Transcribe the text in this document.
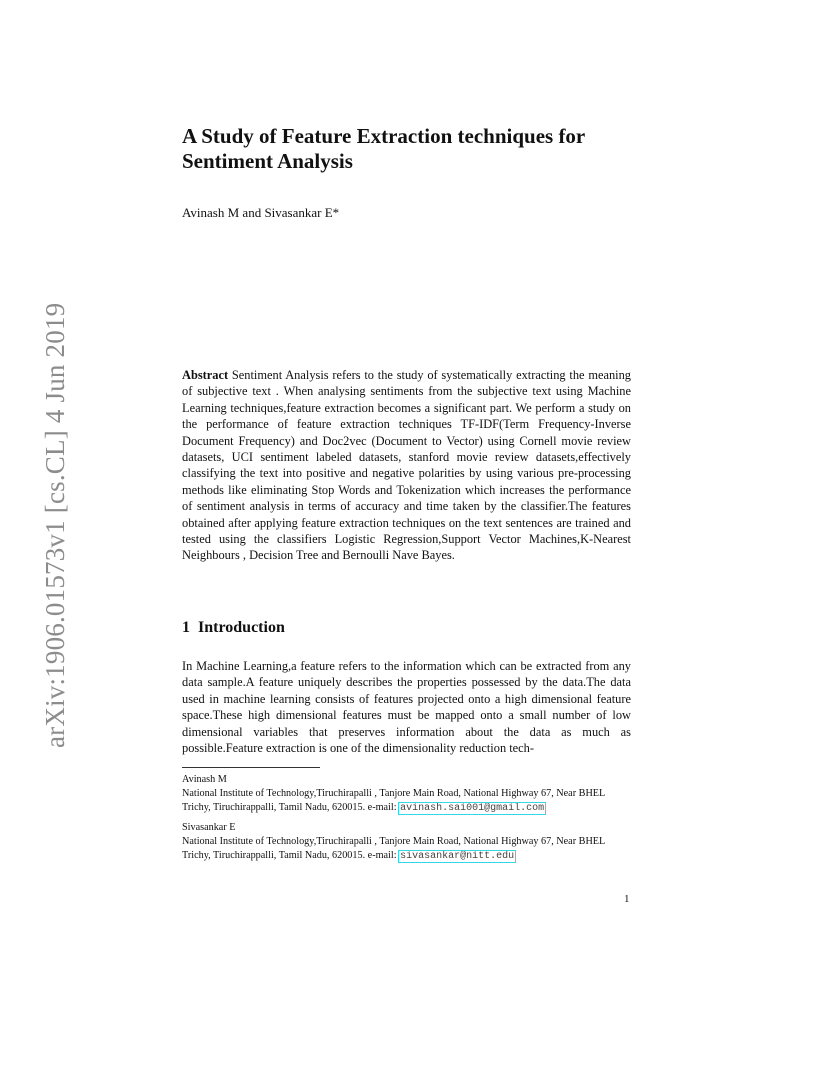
arXiv:1906.01573v1 [cs.CL] 4 Jun 2019
A Study of Feature Extraction techniques for Sentiment Analysis

Avinash M and Sivasankar E*

Abstract Sentiment Analysis refers to the study of systematically extracting the meaning of subjective text . When analysing sentiments from the subjective text using Machine Learning techniques,feature extraction becomes a significant part. We perform a study on the performance of feature extraction techniques TF-IDF(Term Frequency-Inverse Document Frequency) and Doc2vec (Document to Vector) using Cornell movie review datasets, UCI sentiment labeled datasets, stanford movie review datasets,effectively classifying the text into positive and negative polarities by using various pre-processing methods like eliminating Stop Words and Tokenization which increases the performance of sentiment analysis in terms of accuracy and time taken by the classifier.The features obtained after applying feature extraction techniques on the text sentences are trained and tested using the classifiers Logistic Regression,Support Vector Machines,K-Nearest Neighbours , Decision Tree and Bernoulli Nave Bayes.

1 Introduction

In Machine Learning,a feature refers to the information which can be extracted from any data sample.A feature uniquely describes the properties possessed by the data.The data used in machine learning consists of features projected onto a high dimensional feature space.These high dimensional features must be mapped onto a small number of low dimensional variables that preserves information about the data as much as possible.Feature extraction is one of the dimensionality reduction tech-

Avinash M
National Institute of Technology,Tiruchirapalli , Tanjore Main Road, National Highway 67, Near BHEL Trichy, Tiruchirappalli, Tamil Nadu, 620015. e-mail: avinash.sai001@gmail.com

Sivasankar E
National Institute of Technology,Tiruchirapalli , Tanjore Main Road, National Highway 67, Near BHEL Trichy, Tiruchirappalli, Tamil Nadu, 620015. e-mail: sivasankar@nitt.edu

1
